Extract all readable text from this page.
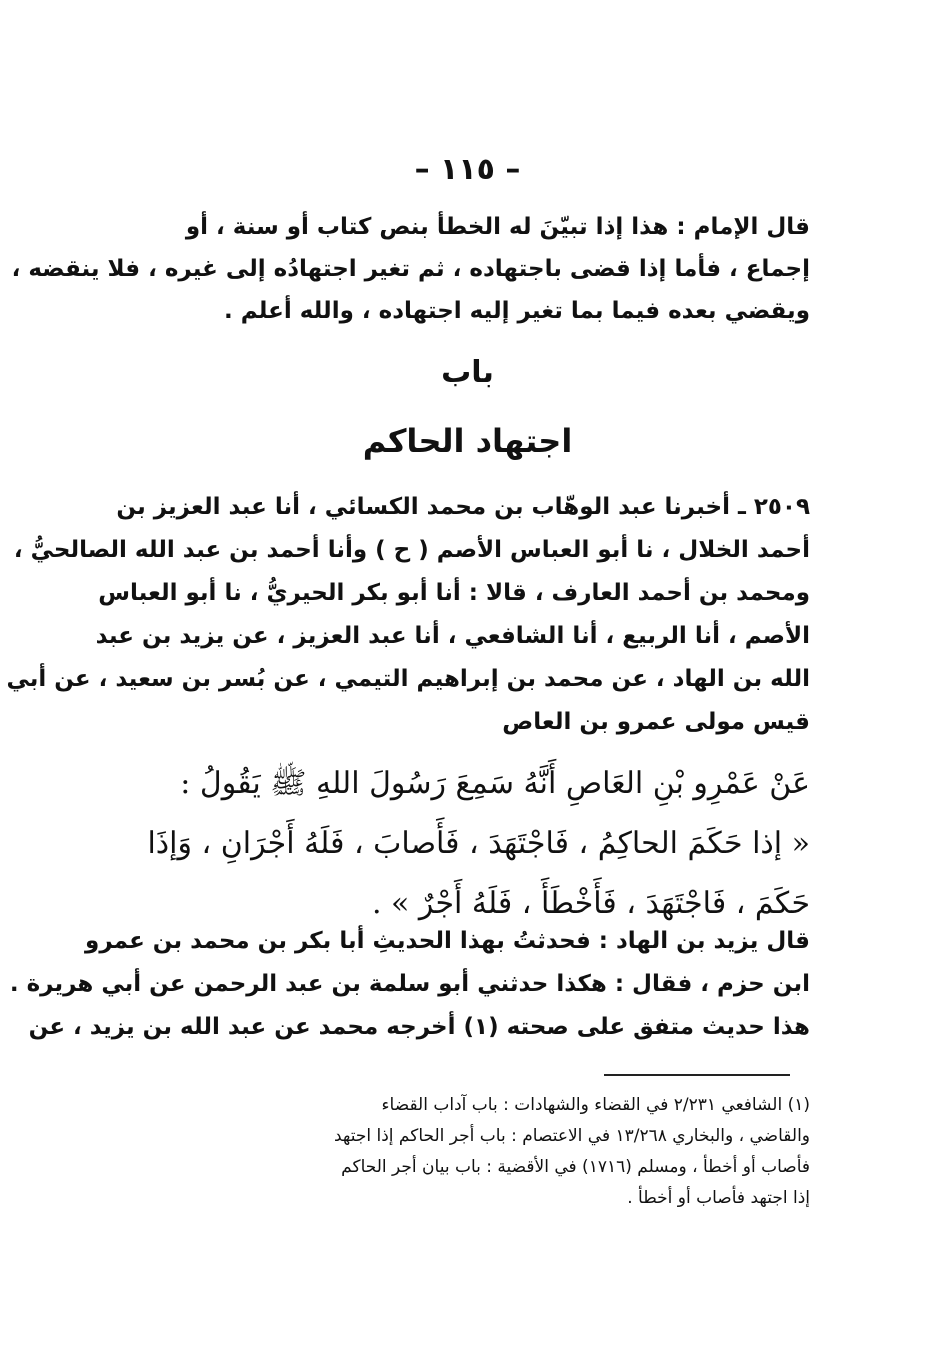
– ١١٥ –
قال الإمام : هذا إذا تبيّنَ له الخطأ بنص كتاب أو سنة ، أو
إجماع ، فأما إذا قضى باجتهاده ، ثم تغير اجتهادُه إلى غيره ، فلا ينقضه ،
ويقضي بعده فيما بما تغير إليه اجتهاده ، والله أعلم .
باب
اجتهاد الحاكم
٢٥٠٩ ـ أخبرنا عبد الوهّاب بن محمد الكسائي ، أنا عبد العزيز بن
أحمد الخلال ، نا أبو العباس الأصم ( ح ) وأنا أحمد بن عبد الله الصالحيُّ ،
ومحمد بن أحمد العارف ، قالا : أنا أبو بكر الحيريُّ ، نا أبو العباس
الأصم ، أنا الربيع ، أنا الشافعي ، أنا عبد العزيز ، عن يزيد بن عبد
الله بن الهاد ، عن محمد بن إبراهيم التيمي ، عن بُسر بن سعيد ، عن أبي
قيس مولى عمرو بن العاص
عَنْ عَمْرِو بْنِ العَاصِ أَنَّهُ سَمِعَ رَسُولَ اللهِ ﷺ يَقُولُ :
« إذا حَكَمَ الحاكِمُ ، فَاجْتَهَدَ ، فَأَصابَ ، فَلَهُ أَجْرَانِ ، وَإذَا
حَكَمَ ، فَاجْتَهَدَ ، فَأَخْطَأَ ، فَلَهُ أَجْرٌ » .
قال يزيد بن الهاد : فحدثتُ بهذا الحديثِ أبا بكر بن محمد بن عمرو
ابن حزم ، فقال : هكذا حدثني أبو سلمة بن عبد الرحمن عن أبي هريرة .
هذا حديث متفق على صحته (١) أخرجه محمد عن عبد الله بن يزيد ، عن
(١) الشافعي ٢/٢٣١ في القضاء والشهادات : باب آداب القضاء
والقاضي ، والبخاري ١٣/٢٦٨ في الاعتصام : باب أجر الحاكم إذا اجتهد
فأصاب أو أخطأ ، ومسلم (١٧١٦) في الأقضية : باب بيان أجر الحاكم
إذا اجتهد فأصاب أو أخطأ .
